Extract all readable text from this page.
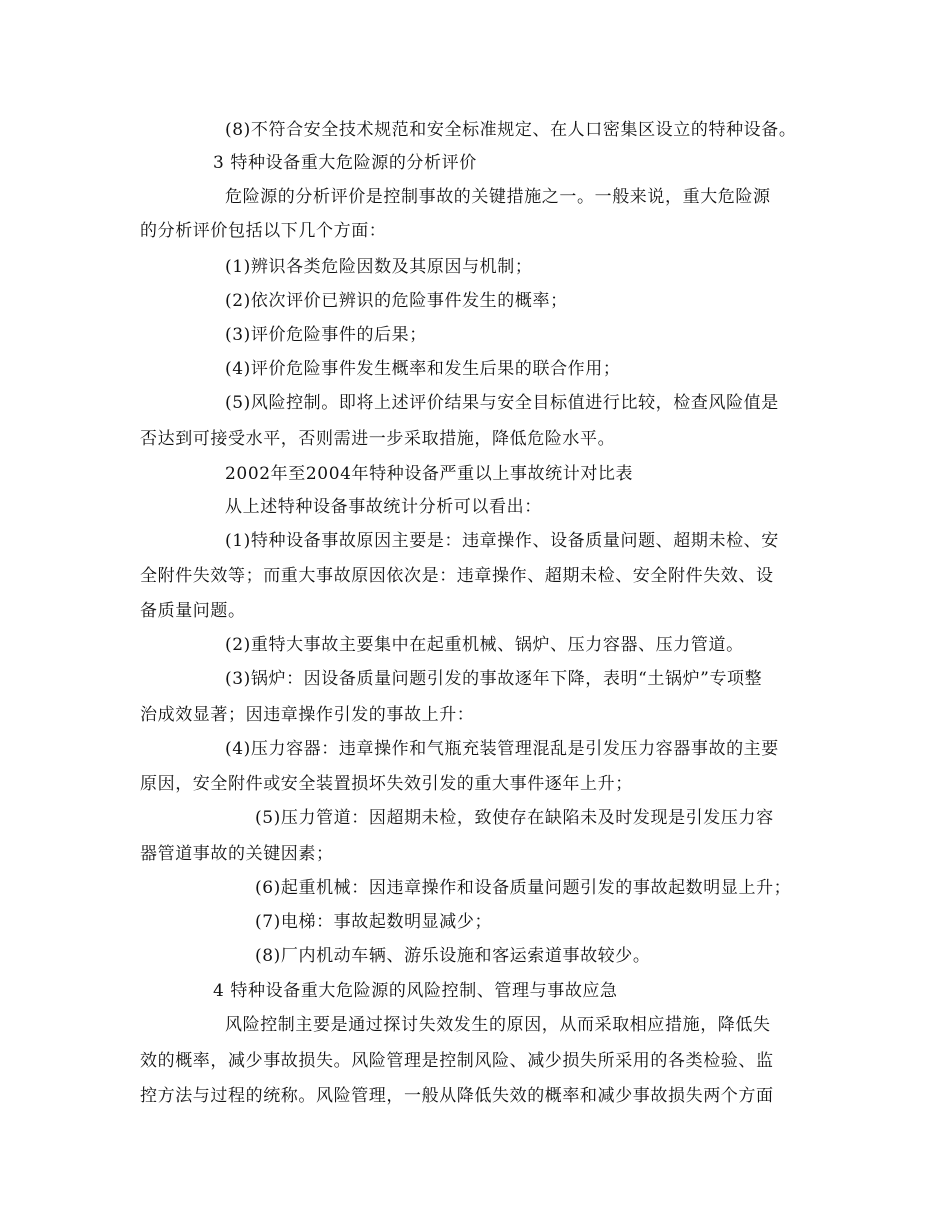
(8)不符合安全技术规范和安全标准规定、在人口密集区设立的特种设备。
3 特种设备重大危险源的分析评价
危险源的分析评价是控制事故的关键措施之一。一般来说，重大危险源
的分析评价包括以下几个方面：
(1)辨识各类危险因数及其原因与机制；
(2)依次评价已辨识的危险事件发生的概率；
(3)评价危险事件的后果；
(4)评价危险事件发生概率和发生后果的联合作用；
(5)风险控制。即将上述评价结果与安全目标值进行比较，检查风险值是
否达到可接受水平，否则需进一步采取措施，降低危险水平。
2002年至2004年特种设备严重以上事故统计对比表
从上述特种设备事故统计分析可以看出：
(1)特种设备事故原因主要是：违章操作、设备质量问题、超期未检、安
全附件失效等；而重大事故原因依次是：违章操作、超期未检、安全附件失效、设
备质量问题。
(2)重特大事故主要集中在起重机械、锅炉、压力容器、压力管道。
(3)锅炉：因设备质量问题引发的事故逐年下降，表明“土锅炉”专项整
治成效显著；因违章操作引发的事故上升：
(4)压力容器：违章操作和气瓶充装管理混乱是引发压力容器事故的主要
原因，安全附件或安全装置损坏失效引发的重大事件逐年上升；
(5)压力管道：因超期未检，致使存在缺陷未及时发现是引发压力容
器管道事故的关键因素；
(6)起重机械：因违章操作和设备质量问题引发的事故起数明显上升；
(7)电梯：事故起数明显减少；
(8)厂内机动车辆、游乐设施和客运索道事故较少。
4 特种设备重大危险源的风险控制、管理与事故应急
风险控制主要是通过探讨失效发生的原因，从而采取相应措施，降低失
效的概率，减少事故损失。风险管理是控制风险、减少损失所采用的各类检验、监
控方法与过程的统称。风险管理，一般从降低失效的概率和减少事故损失两个方面
